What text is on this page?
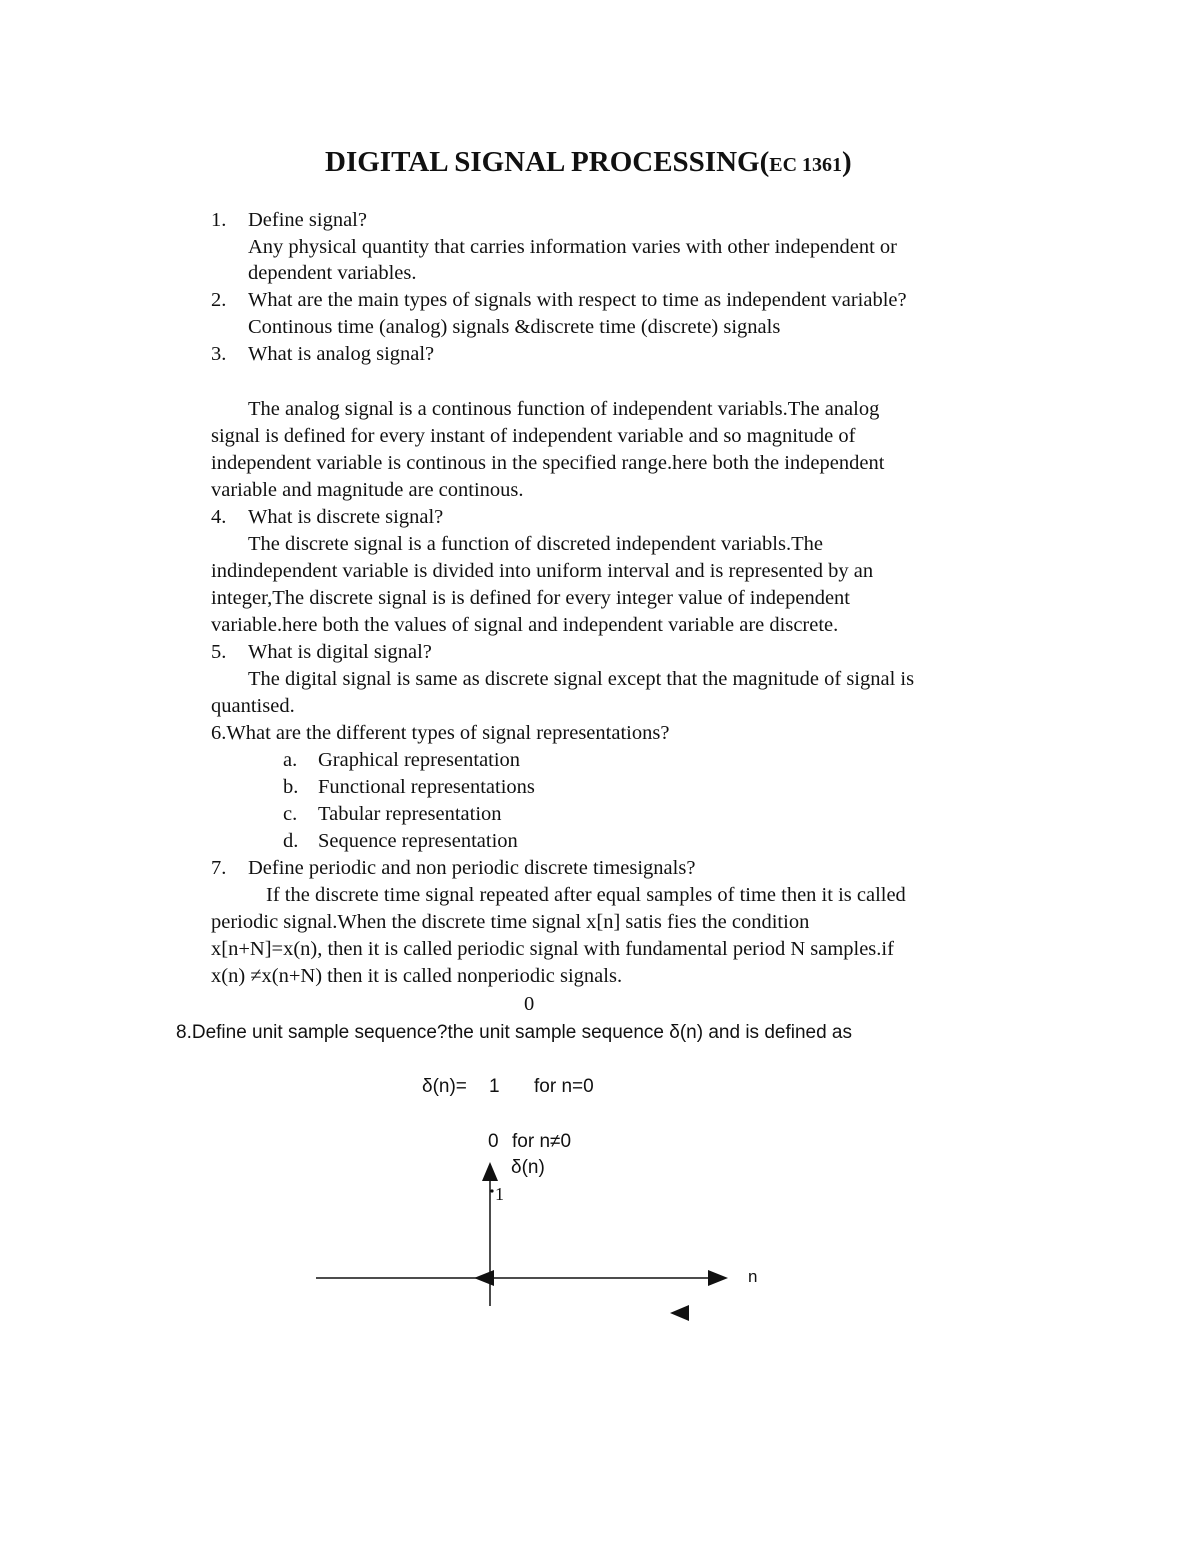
DIGITAL SIGNAL PROCESSING(EC 1361)
1. Define signal?
Any physical quantity that carries information varies with other independent or
dependent variables.
2. What are the main types of signals with respect to time as independent variable?
Continous time (analog) signals &discrete time (discrete) signals
3. What is analog signal?
The analog signal is a continous function of independent variabls.The analog
signal is defined for every instant of independent variable and so magnitude of
independent variable is continous in the specified range.here both the independent
variable and magnitude are continous.
4. What is discrete signal?
The discrete signal is a function of discreted independent variabls.The
indindependent variable is divided into uniform interval and is represented by an
integer,The discrete signal is is defined for every integer value of independent
variable.here both the values of signal and independent variable are discrete.
5. What is digital signal?
The digital signal is same as discrete signal except that the magnitude of signal is
quantised.
6.What are the different types of signal representations?
a. Graphical representation
b. Functional representations
c. Tabular representation
d. Sequence representation
7. Define periodic and non periodic discrete timesignals?
If the discrete time signal repeated after equal samples of time then it is called
periodic signal.When the discrete time signal x[n] satis fies the condition
x[n+N]=x(n), then it is called periodic signal with fundamental period N samples.if
x(n) ≠x(n+N) then it is called nonperiodic signals.
0
8.Define unit sample sequence?the unit sample sequence δ(n) and is defined as
δ(n)= 1 for n=0
0 for n≠0
δ(n)
1
n
